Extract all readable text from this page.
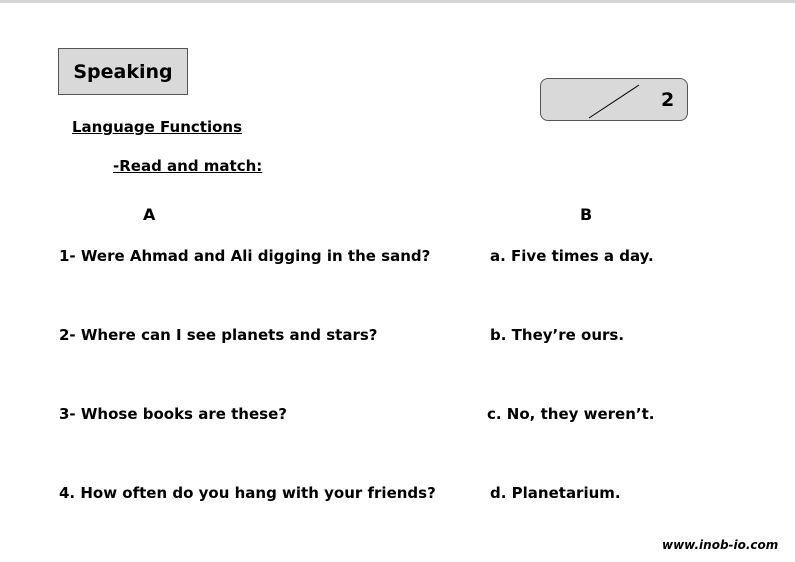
Speaking
2
Language Functions
-Read and match:
A	B
1- Were Ahmad and Ali digging in the sand?
2- Where can I see planets and stars?
3- Whose books are these?
4. How often do you hang with your friends?
a. Five times a day.
b. They’re ours.
c. No, they weren’t.
d. Planetarium.
www.inob-io.com
